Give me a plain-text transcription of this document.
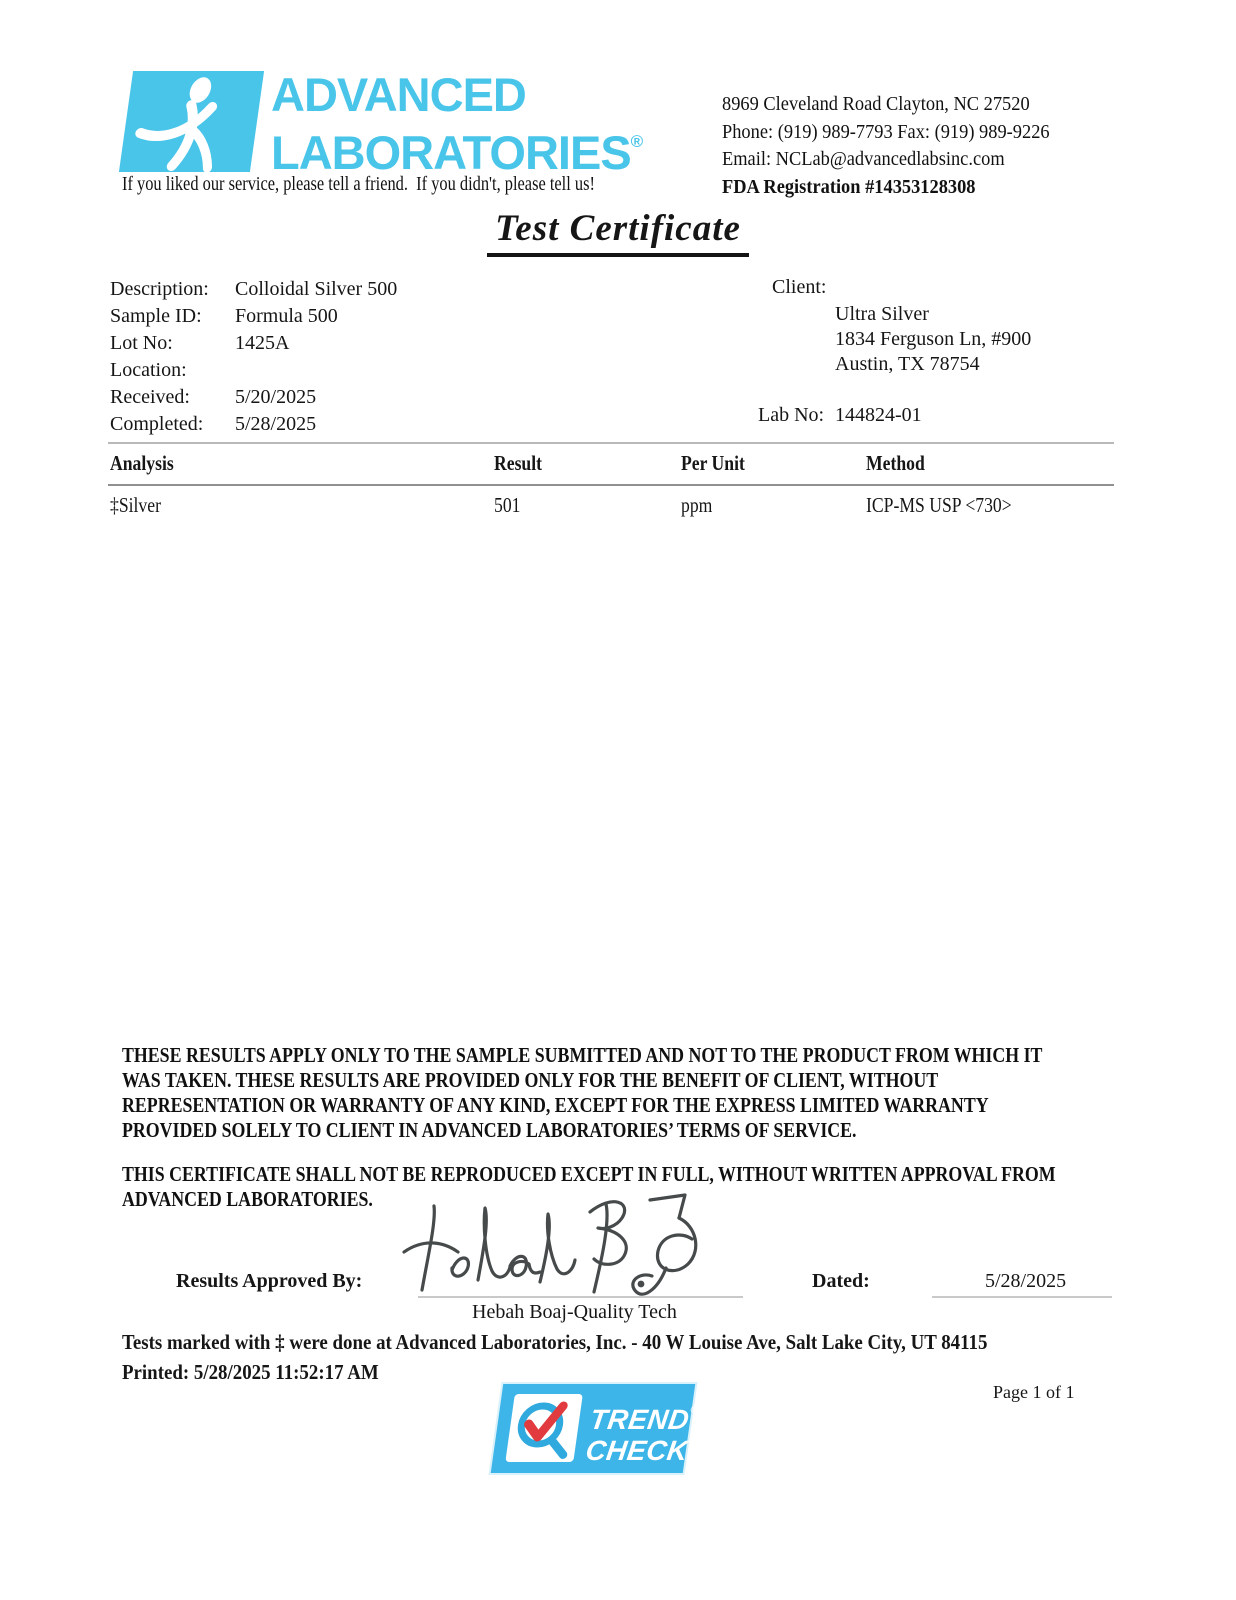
ADVANCED
LABORATORIES®
If you liked our service, please tell a friend.  If you didn't, please tell us!
8969 Cleveland Road Clayton, NC 27520
Phone: (919) 989-7793 Fax: (919) 989-9226
Email: NCLab@advancedlabsinc.com
FDA Registration #14353128308
Test Certificate
Description: Colloidal Silver 500
Sample ID: Formula 500
Lot No:	1425A
Location:
Received: 5/20/2025
Completed: 5/28/2025
Client:
Ultra Silver
1834 Ferguson Ln, #900
Austin, TX 78754
Lab No: 144824-01
Analysis	Result	Per Unit	Method
‡Silver	501	ppm	ICP-MS USP <730>
THESE RESULTS APPLY ONLY TO THE SAMPLE SUBMITTED AND NOT TO THE PRODUCT FROM WHICH IT WAS TAKEN. THESE RESULTS ARE PROVIDED ONLY FOR THE BENEFIT OF CLIENT, WITHOUT REPRESENTATION OR WARRANTY OF ANY KIND, EXCEPT FOR THE EXPRESS LIMITED WARRANTY PROVIDED SOLELY TO CLIENT IN ADVANCED LABORATORIES’ TERMS OF SERVICE.
THIS CERTIFICATE SHALL NOT BE REPRODUCED EXCEPT IN FULL, WITHOUT WRITTEN APPROVAL FROM ADVANCED LABORATORIES.
Results Approved By:	Dated:	5/28/2025
Hebah Boaj-Quality Tech
Tests marked with ‡ were done at Advanced Laboratories, Inc. - 40 W Louise Ave, Salt Lake City, UT 84115
Printed: 5/28/2025 11:52:17 AM
Page 1 of 1
TREND®
CHECK
